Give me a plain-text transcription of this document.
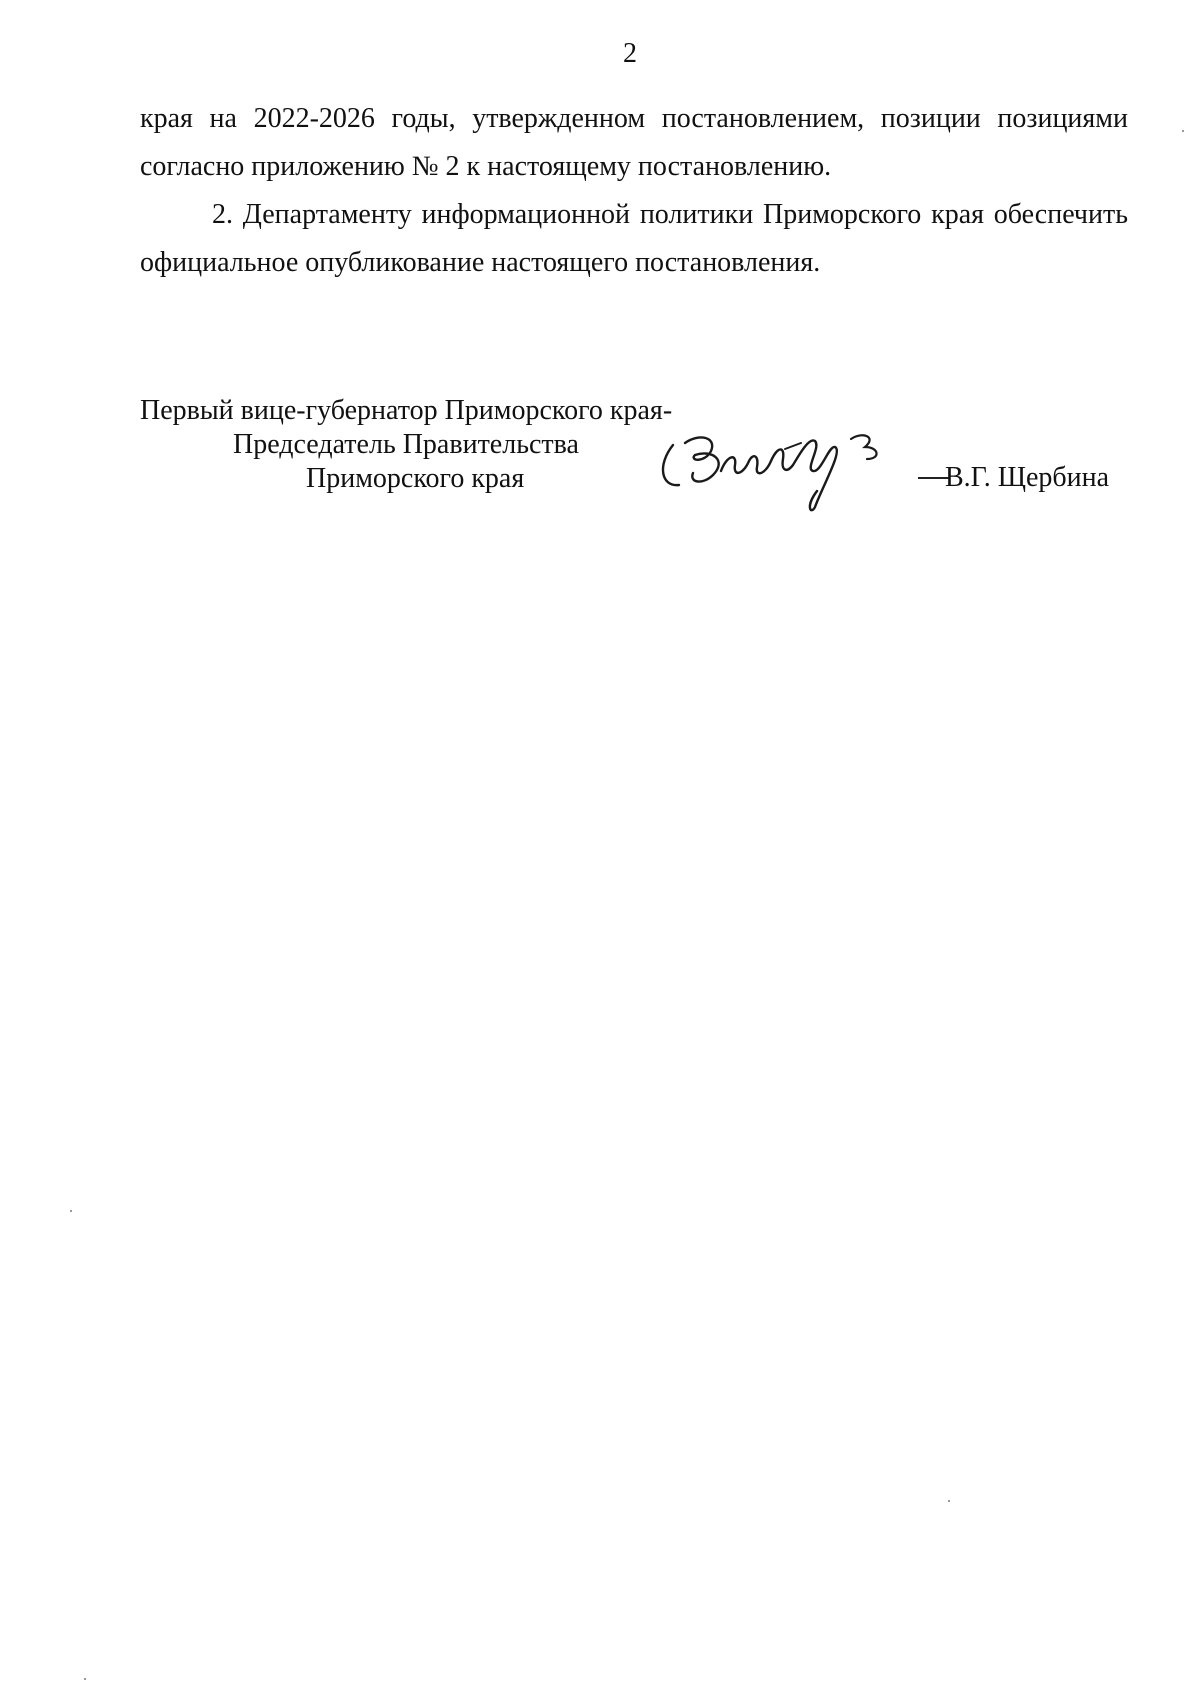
2

края на 2022-2026 годы, утвержденном постановлением, позиции позициями согласно приложению № 2 к настоящему постановлению.

2. Департаменту информационной политики Приморского края обеспечить официальное опубликование настоящего постановления.

Первый вице-губернатор Приморского края-
Председатель Правительства
Приморского края	В.Г. Щербина
